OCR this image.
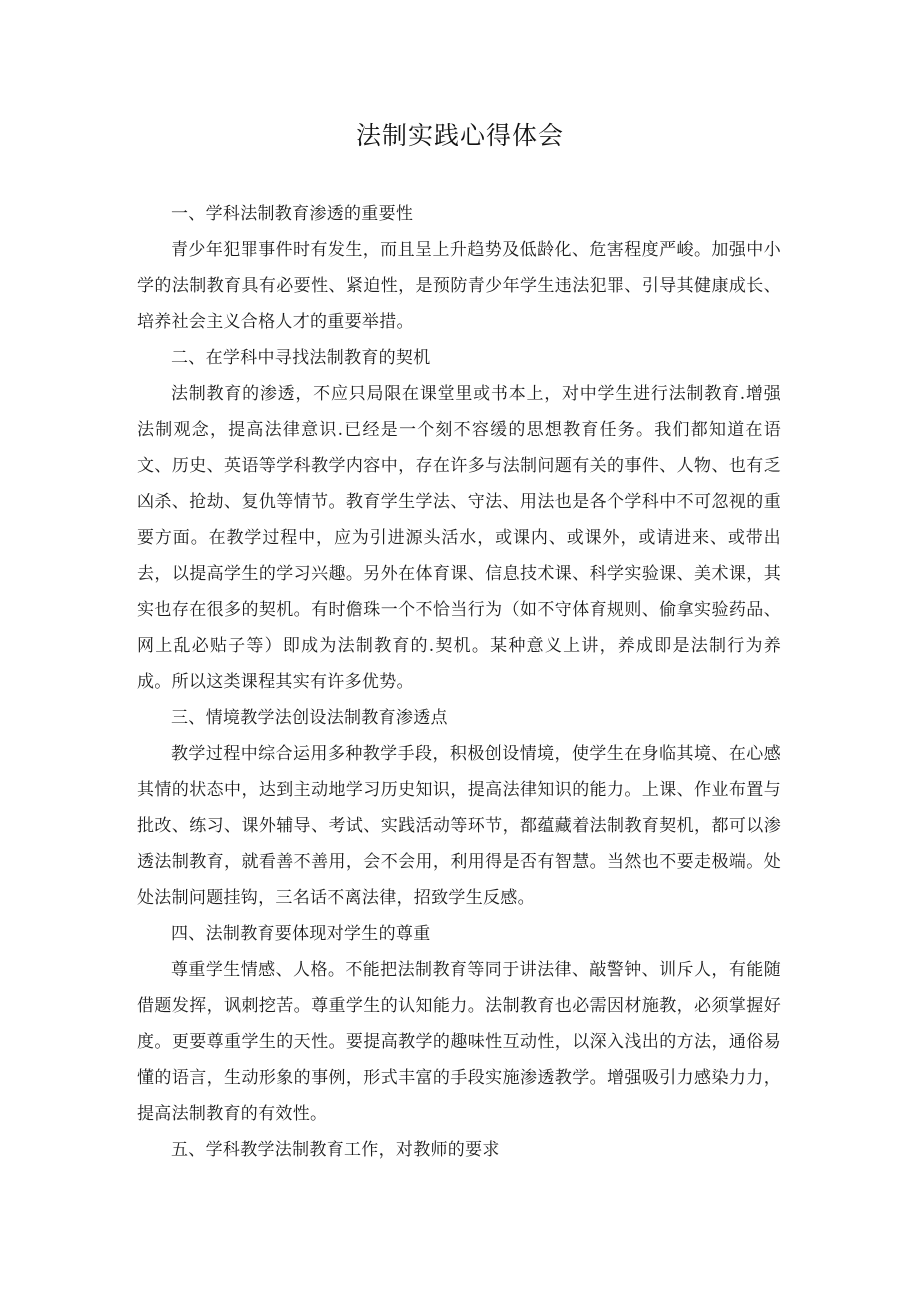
法制实践心得体会

一、学科法制教育渗透的重要性

青少年犯罪事件时有发生，而且呈上升趋势及低龄化、危害程度严峻。加强中小学的法制教育具有必要性、紧迫性，是预防青少年学生违法犯罪、引导其健康成长、培养社会主义合格人才的重要举措。

二、在学科中寻找法制教育的契机

法制教育的渗透，不应只局限在课堂里或书本上，对中学生进行法制教育.增强法制观念，提高法律意识.已经是一个刻不容缓的思想教育任务。我们都知道在语文、历史、英语等学科教学内容中，存在许多与法制问题有关的事件、人物、也有乏凶杀、抢劫、复仇等情节。教育学生学法、守法、用法也是各个学科中不可忽视的重要方面。在教学过程中，应为引进源头活水，或课内、或课外，或请进来、或带出去，以提高学生的学习兴趣。另外在体育课、信息技术课、科学实验课、美术课，其实也存在很多的契机。有时儋珠一个不恰当行为（如不守体育规则、偷拿实验药品、网上乱必贴子等）即成为法制教育的.契机。某种意义上讲，养成即是法制行为养成。所以这类课程其实有许多优势。

三、情境教学法创设法制教育渗透点

教学过程中综合运用多种教学手段，积极创设情境，使学生在身临其境、在心感其情的状态中，达到主动地学习历史知识，提高法律知识的能力。上课、作业布置与批改、练习、课外辅导、考试、实践活动等环节，都蕴藏着法制教育契机，都可以渗透法制教育，就看善不善用，会不会用，利用得是否有智慧。当然也不要走极端。处处法制问题挂钩，三名话不离法律，招致学生反感。

四、法制教育要体现对学生的尊重

尊重学生情感、人格。不能把法制教育等同于讲法律、敲警钟、训斥人，有能随借题发挥，讽刺挖苦。尊重学生的认知能力。法制教育也必需因材施教，必须掌握好度。更要尊重学生的天性。要提高教学的趣味性互动性，以深入浅出的方法，通俗易懂的语言，生动形象的事例，形式丰富的手段实施渗透教学。增强吸引力感染力力，提高法制教育的有效性。

五、学科教学法制教育工作，对教师的要求
